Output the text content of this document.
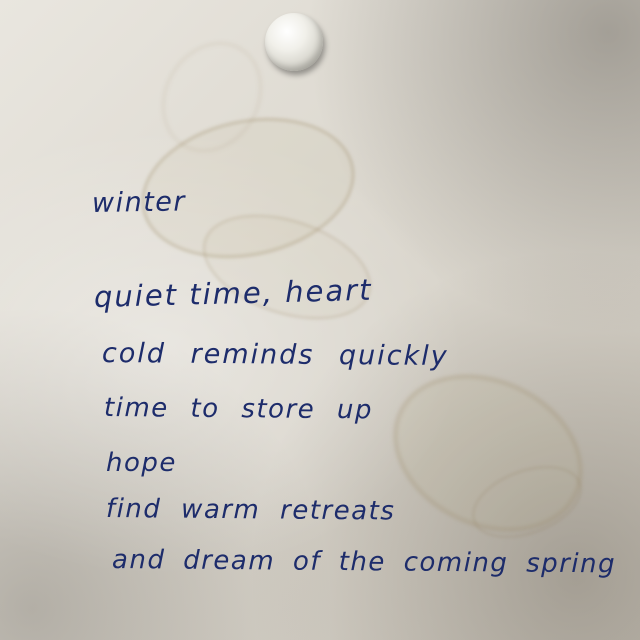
winter
quiet time, heart
cold reminds quickly
time to store up
hope
find warm retreats
and dream of the coming spring
